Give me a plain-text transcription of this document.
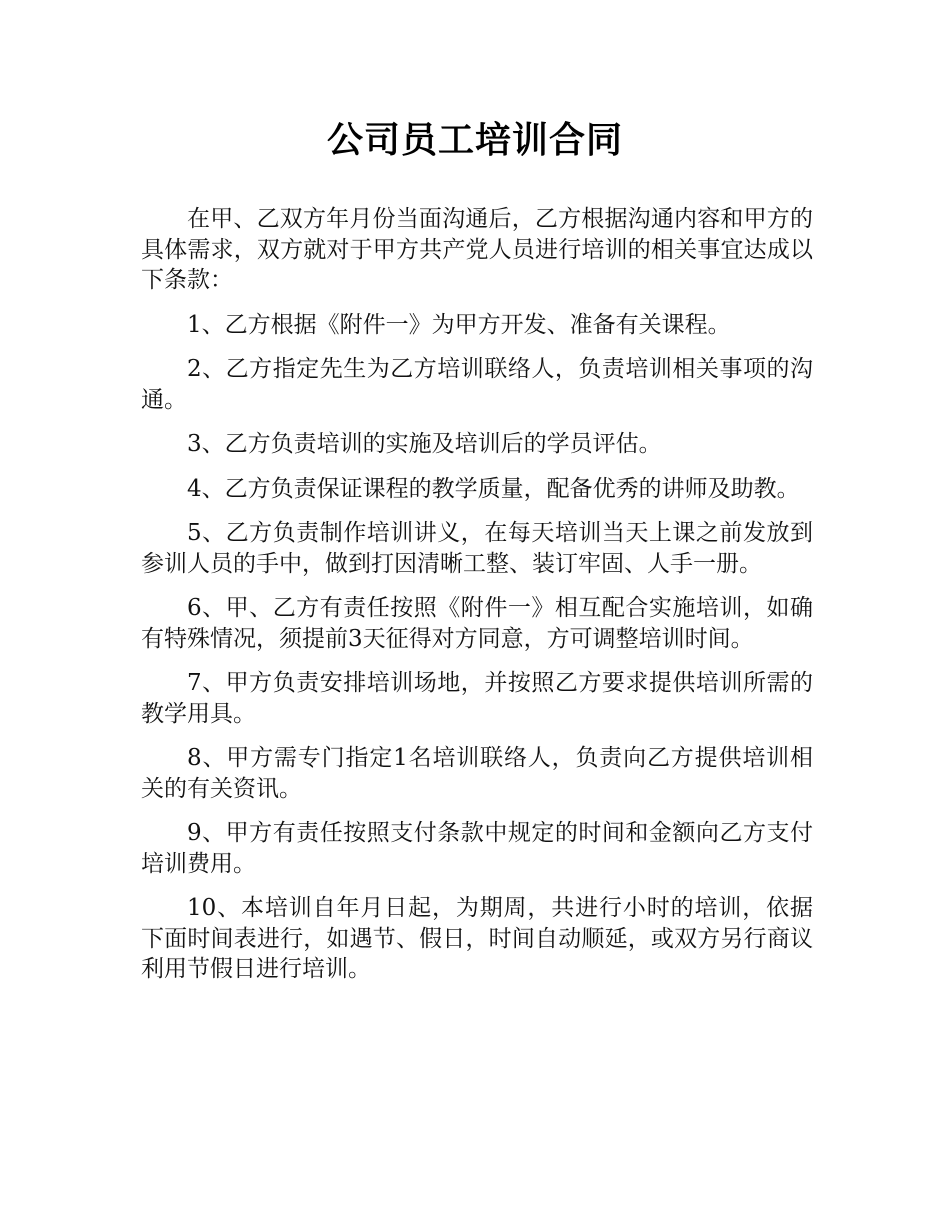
公司员工培训合同

在甲、乙双方年月份当面沟通后，乙方根据沟通内容和甲方的具体需求，双方就对于甲方共产党人员进行培训的相关事宜达成以下条款：

1、乙方根据《附件一》为甲方开发、准备有关课程。

2、乙方指定先生为乙方培训联络人，负责培训相关事项的沟通。

3、乙方负责培训的实施及培训后的学员评估。

4、乙方负责保证课程的教学质量，配备优秀的讲师及助教。

5、乙方负责制作培训讲义，在每天培训当天上课之前发放到参训人员的手中，做到打因清晰工整、装订牢固、人手一册。

6、甲、乙方有责任按照《附件一》相互配合实施培训，如确有特殊情况，须提前3天征得对方同意，方可调整培训时间。

7、甲方负责安排培训场地，并按照乙方要求提供培训所需的教学用具。

8、甲方需专门指定1名培训联络人，负责向乙方提供培训相关的有关资讯。

9、甲方有责任按照支付条款中规定的时间和金额向乙方支付培训费用。

10、本培训自年月日起，为期周，共进行小时的培训，依据下面时间表进行，如遇节、假日，时间自动顺延，或双方另行商议利用节假日进行培训。
